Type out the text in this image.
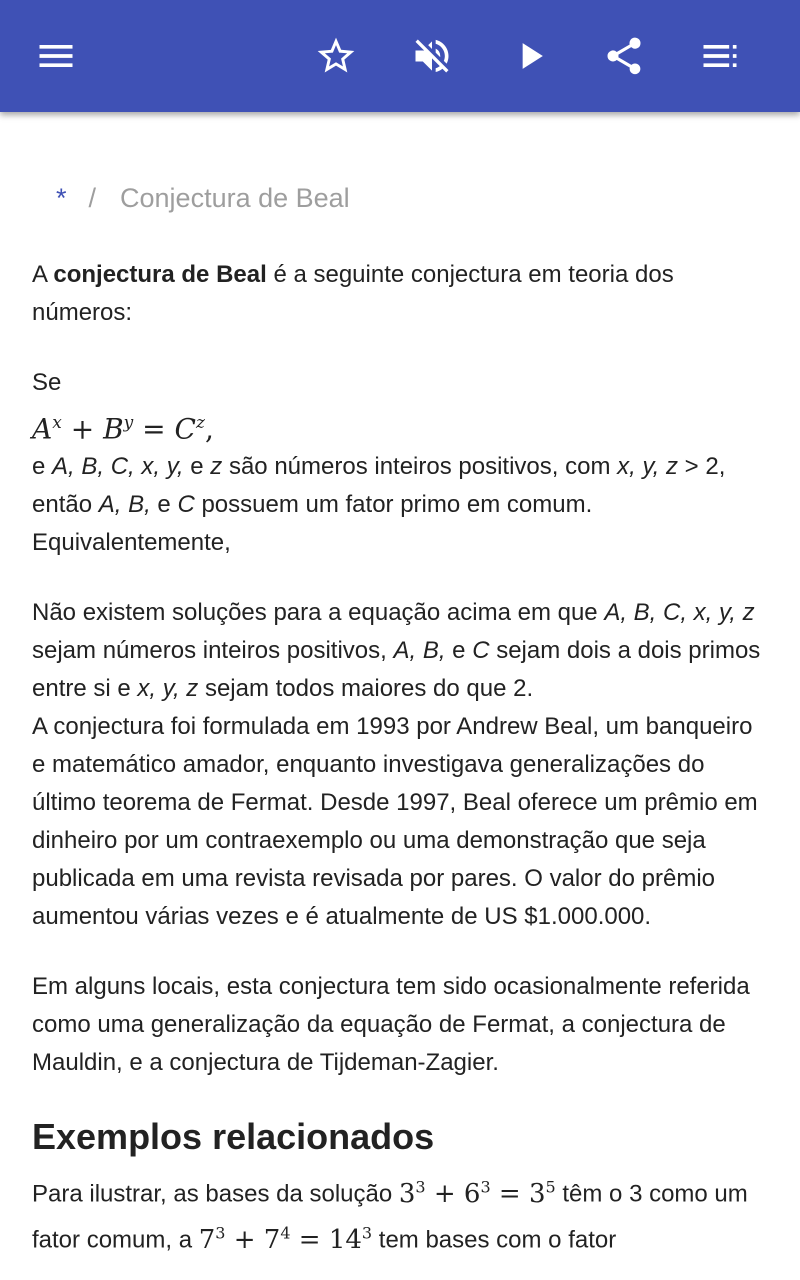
* / Conjectura de Beal

A conjectura de Beal é a seguinte conjectura em teoria dos números:

Se

$A^x + B^y = C^z$,

e A, B, C, x, y, e z são números inteiros positivos, com x, y, z > 2, então A, B, e C possuem um fator primo em comum. Equivalentemente,

Não existem soluções para a equação acima em que A, B, C, x, y, z sejam números inteiros positivos, A, B, e C sejam dois a dois primos entre si e x, y, z sejam todos maiores do que 2.

A conjectura foi formulada em 1993 por Andrew Beal, um banqueiro e matemático amador, enquanto investigava generalizações do último teorema de Fermat. Desde 1997, Beal oferece um prêmio em dinheiro por um contraexemplo ou uma demonstração que seja publicada em uma revista revisada por pares. O valor do prêmio aumentou várias vezes e é atualmente de US $1.000.000.

Em alguns locais, esta conjectura tem sido ocasionalmente referida como uma generalização da equação de Fermat, a conjectura de Mauldin, e a conjectura de Tijdeman-Zagier.

Exemplos relacionados

Para ilustrar, as bases da solução $3^3 + 6^3 = 3^5$ têm o 3 como um fator comum, a $7^3 + 7^4 = 14^3$ tem bases com o fator
